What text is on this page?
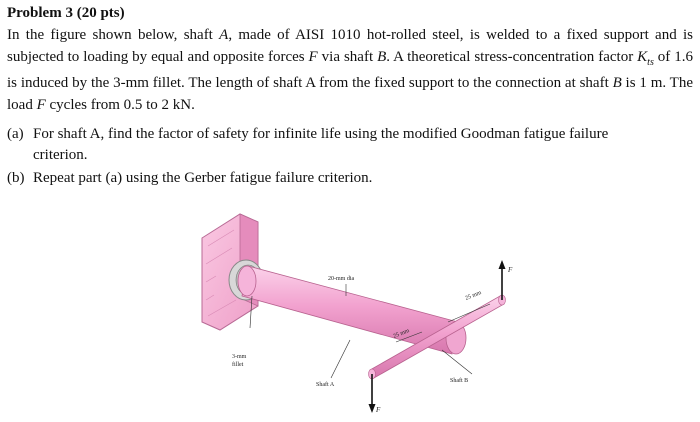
Problem 3 (20 pts)
In the figure shown below, shaft A, made of AISI 1010 hot-rolled steel, is welded to a fixed support and is subjected to loading by equal and opposite forces F via shaft B. A theoretical stress-concentration factor $K_{ts}$ of 1.6 is induced by the 3-mm fillet. The length of shaft A from the fixed support to the connection at shaft B is 1 m. The load F cycles from 0.5 to 2 kN.
(a) For shaft A, find the factor of safety for infinite life using the modified Goodman fatigue failure
criterion.
(b) Repeat part (a) using the Gerber fatigue failure criterion.
F
F
20-mm dia
25 mm
25 mm
3-mm
fillet
Shaft A
Shaft B
